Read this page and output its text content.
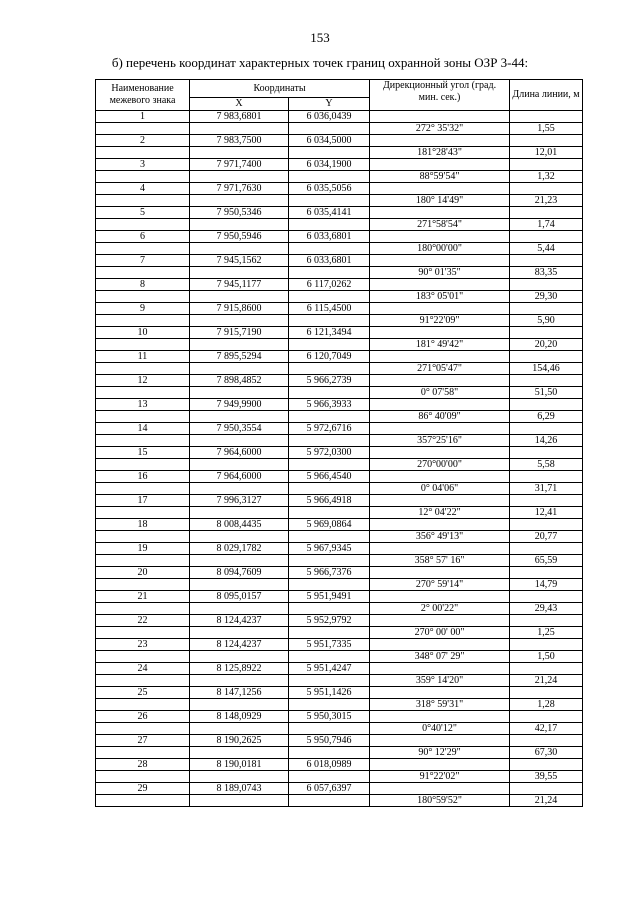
153
б) перечень координат характерных точек границ охранной зоны ОЗР 3-44:
Наименование межевого знака	Координаты		Дирекционный угол (град. мин. сек.)	Длина линии, м
	X	Y		
1	7 983,6801	6 036,0439		
			272° 35'32"	1,55
2	7 983,7500	6 034,5000		
			181°28'43"	12,01
3	7 971,7400	6 034,1900		
			88°59'54"	1,32
4	7 971,7630	6 035,5056		
			180° 14'49"	21,23
5	7 950,5346	6 035,4141		
			271°58'54"	1,74
6	7 950,5946	6 033,6801		
			180°00'00"	5,44
7	7 945,1562	6 033,6801		
			90° 01'35"	83,35
8	7 945,1177	6 117,0262		
			183° 05'01"	29,30
9	7 915,8600	6 115,4500		
			91°22'09"	5,90
10	7 915,7190	6 121,3494		
			181° 49'42"	20,20
11	7 895,5294	6 120,7049		
			271°05'47"	154,46
12	7 898,4852	5 966,2739		
			0° 07'58"	51,50
13	7 949,9900	5 966,3933		
			86° 40'09"	6,29
14	7 950,3554	5 972,6716		
			357°25'16"	14,26
15	7 964,6000	5 972,0300		
			270°00'00"	5,58
16	7 964,6000	5 966,4540		
			0° 04'06"	31,71
17	7 996,3127	5 966,4918		
			12° 04'22"	12,41
18	8 008,4435	5 969,0864		
			356° 49'13"	20,77
19	8 029,1782	5 967,9345		
			358° 57' 16"	65,59
20	8 094,7609	5 966,7376		
			270° 59'14"	14,79
21	8 095,0157	5 951,9491		
			2° 00'22"	29,43
22	8 124,4237	5 952,9792		
			270° 00' 00"	1,25
23	8 124,4237	5 951,7335		
			348° 07' 29"	1,50
24	8 125,8922	5 951,4247		
			359° 14'20"	21,24
25	8 147,1256	5 951,1426		
			318° 59'31"	1,28
26	8 148,0929	5 950,3015		
			0°40'12"	42,17
27	8 190,2625	5 950,7946		
			90° 12'29"	67,30
28	8 190,0181	6 018,0989		
			91°22'02"	39,55
29	8 189,0743	6 057,6397		
			180°59'52"	21,24
